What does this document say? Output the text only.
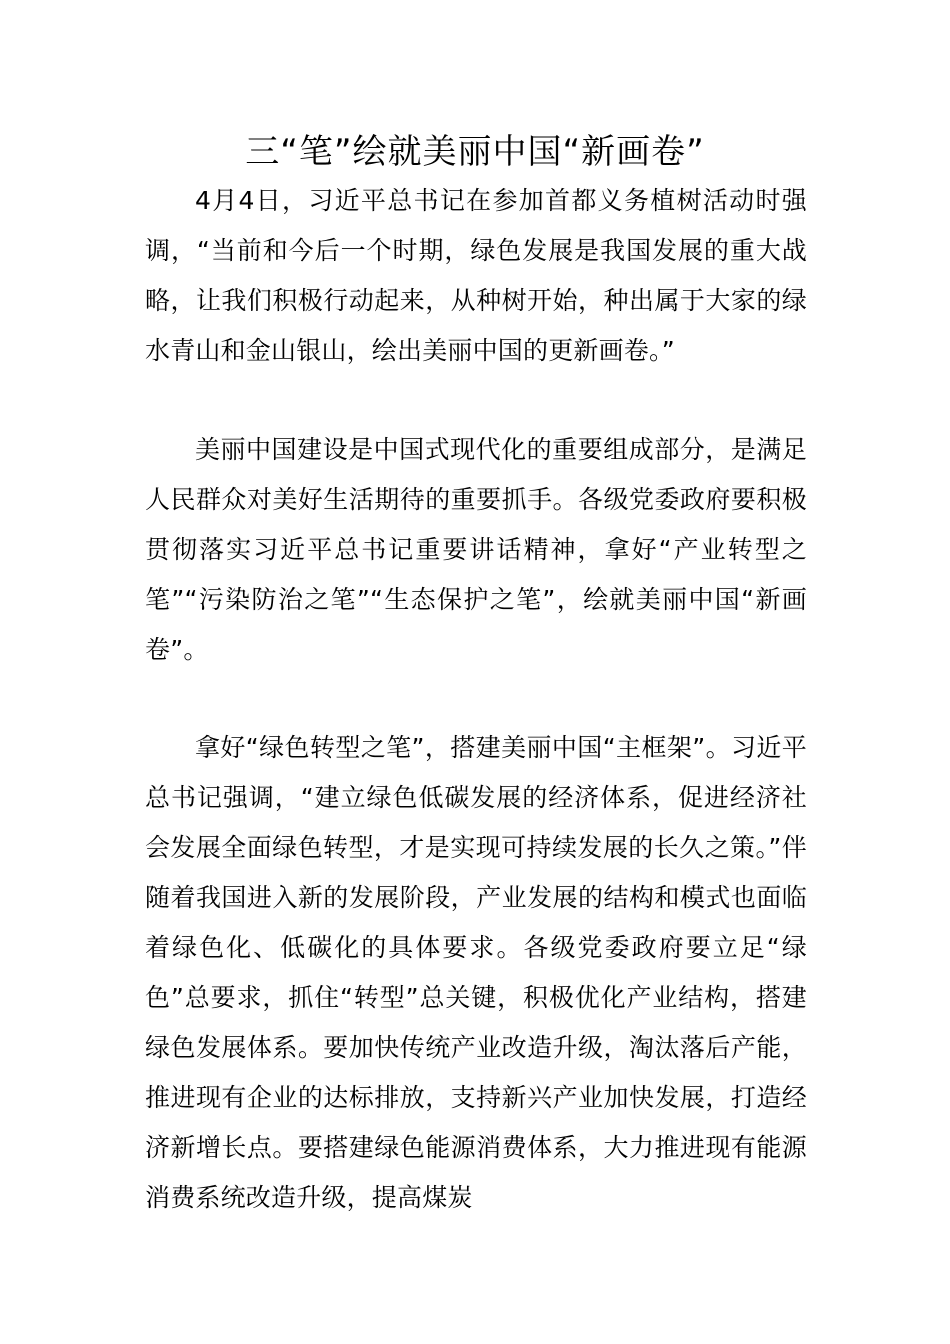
三“笔”绘就美丽中国“新画卷”

4月4日，习近平总书记在参加首都义务植树活动时强调，“当前和今后一个时期，绿色发展是我国发展的重大战略，让我们积极行动起来，从种树开始，种出属于大家的绿水青山和金山银山，绘出美丽中国的更新画卷。”

美丽中国建设是中国式现代化的重要组成部分，是满足人民群众对美好生活期待的重要抓手。各级党委政府要积极贯彻落实习近平总书记重要讲话精神，拿好“产业转型之笔”“污染防治之笔”“生态保护之笔”，绘就美丽中国“新画卷”。

拿好“绿色转型之笔”，搭建美丽中国“主框架”。习近平总书记强调，“建立绿色低碳发展的经济体系，促进经济社会发展全面绿色转型，才是实现可持续发展的长久之策。”伴随着我国进入新的发展阶段，产业发展的结构和模式也面临着绿色化、低碳化的具体要求。各级党委政府要立足“绿色”总要求，抓住“转型”总关键，积极优化产业结构，搭建绿色发展体系。要加快传统产业改造升级，淘汰落后产能，推进现有企业的达标排放，支持新兴产业加快发展，打造经济新增长点。要搭建绿色能源消费体系，大力推进现有能源消费系统改造升级，提高煤炭
